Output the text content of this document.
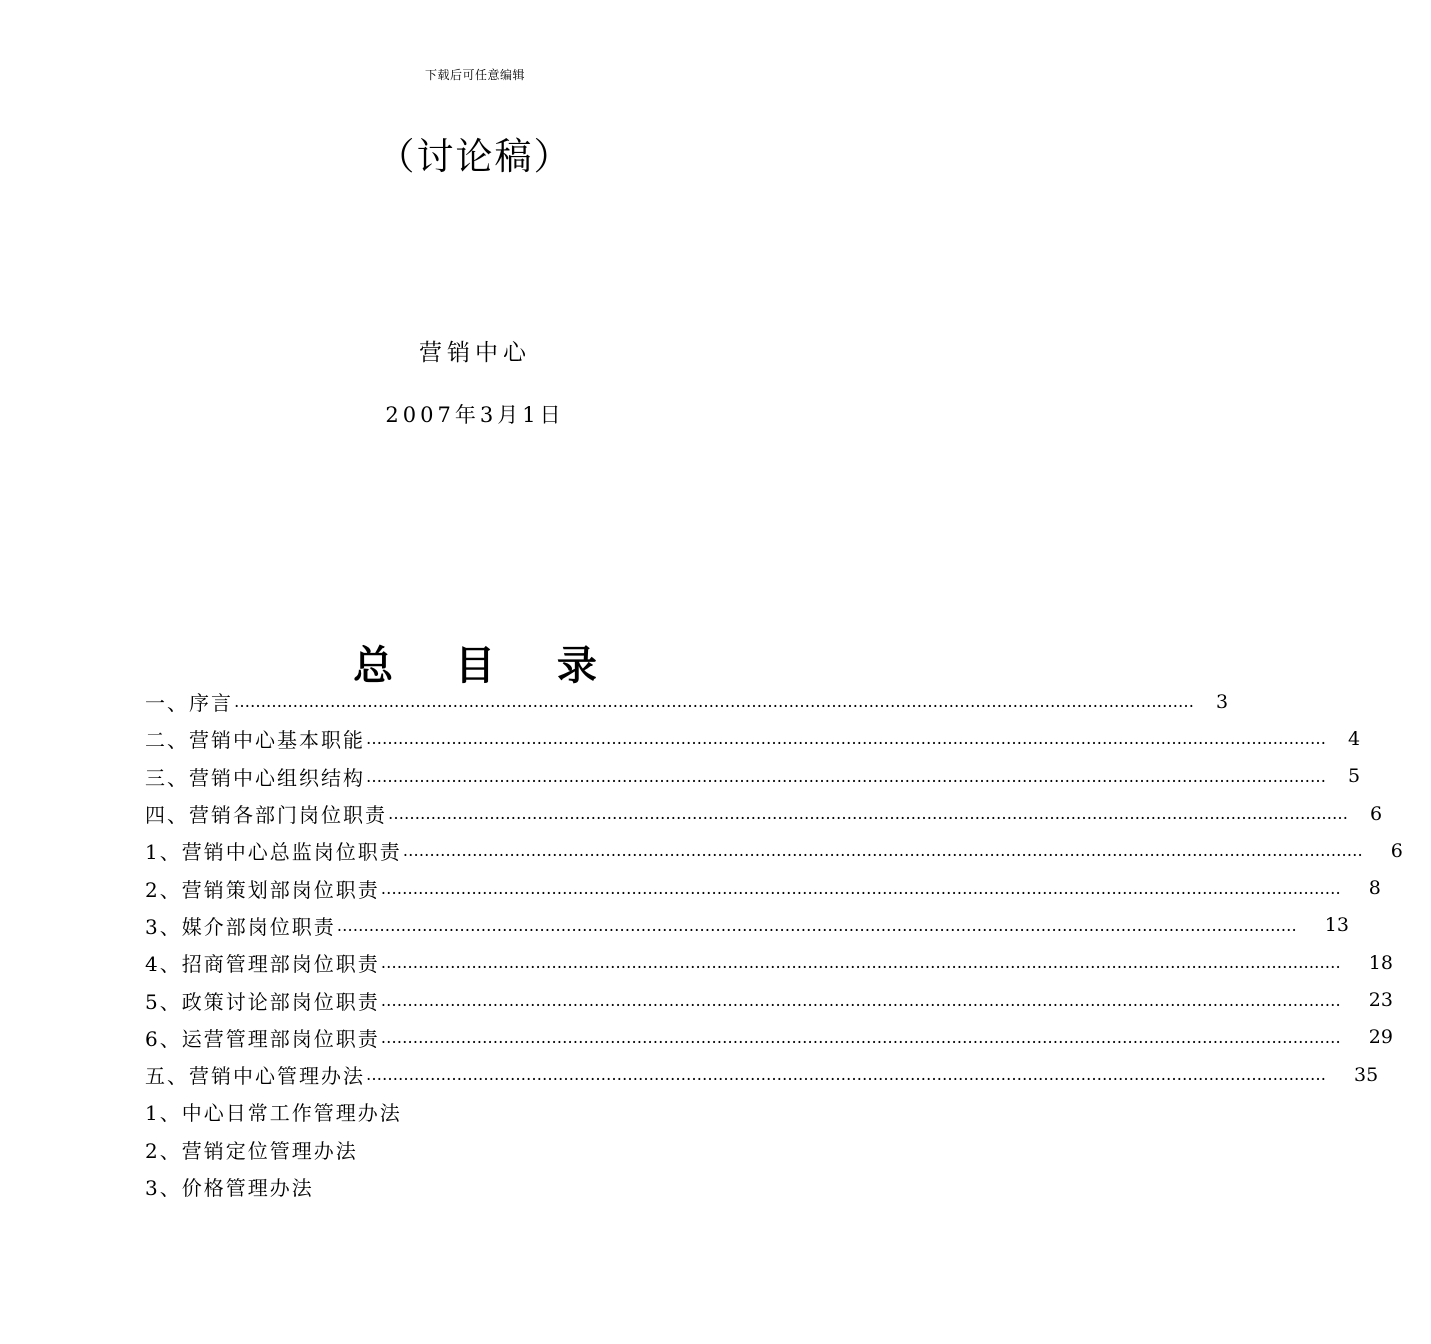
下载后可任意编辑
（讨论稿）
营销中心
2007年3月1日
总 目 录
一、序言 ……………………………………………………………………………………………………………………………………………………………… 3
二、营销中心基本职能 ……………………………………………………………………………………………………………………………………………………………… 4
三、营销中心组织结构 ……………………………………………………………………………………………………………………………………………………………… 5
四、营销各部门岗位职责 ……………………………………………………………………………………………………………………………………………………………… 6
1、营销中心总监岗位职责 ……………………………………………………………………………………………………………………………………………………………… 6
2、营销策划部岗位职责 ……………………………………………………………………………………………………………………………………………………………… 8
3、媒介部岗位职责 ……………………………………………………………………………………………………………………………………………………………… 13
4、招商管理部岗位职责 ……………………………………………………………………………………………………………………………………………………………… 18
5、政策讨论部岗位职责 ……………………………………………………………………………………………………………………………………………………………… 23
6、运营管理部岗位职责 ……………………………………………………………………………………………………………………………………………………………… 29
五、营销中心管理办法 ……………………………………………………………………………………………………………………………………………………………… 35
1、中心日常工作管理办法
2、营销定位管理办法
3、价格管理办法
